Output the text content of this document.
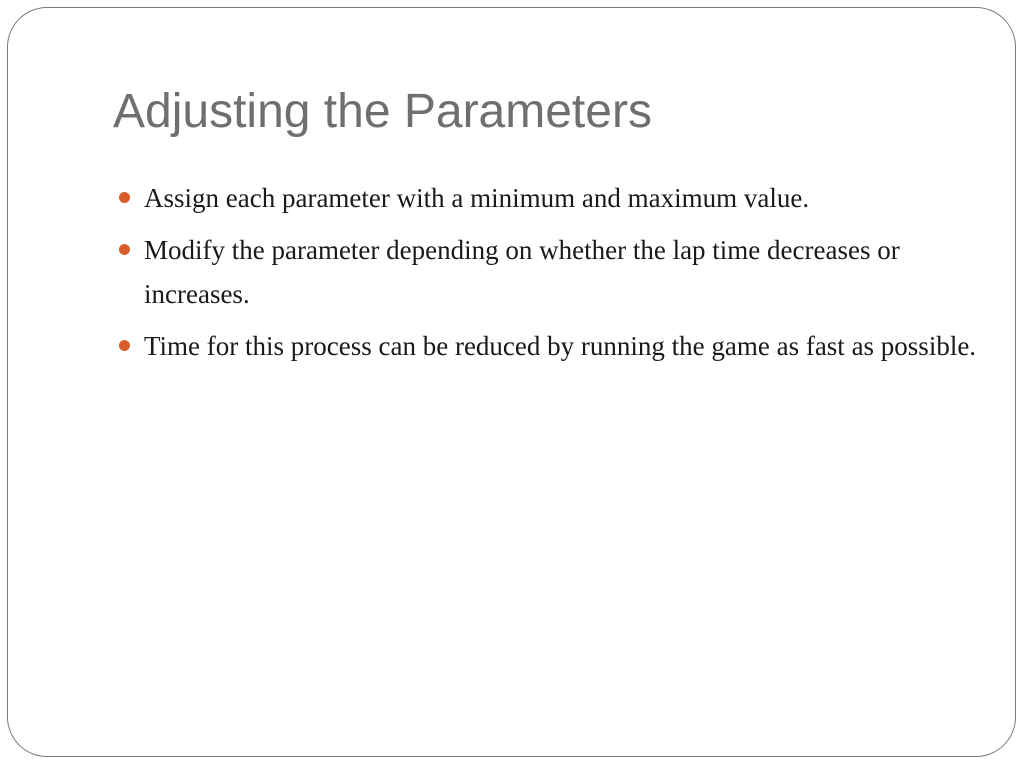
Adjusting the Parameters
Assign each parameter with a minimum and maximum value.
Modify the parameter depending on whether the lap time decreases or increases.
Time for this process can be reduced by running the game as fast as possible.
